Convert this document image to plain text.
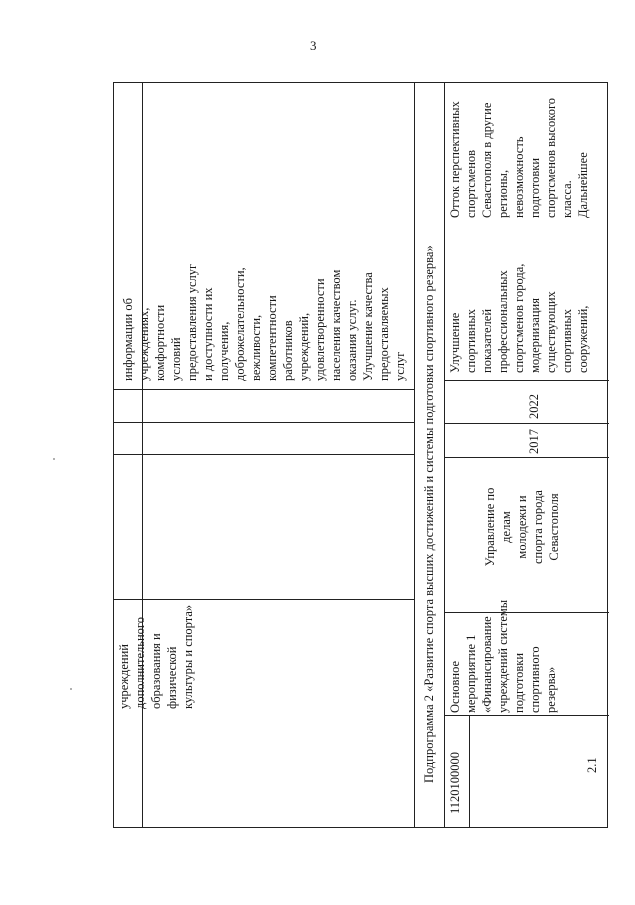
3
учреждений
дополнительного
образования и
физической
культуры и спорта»
информации об
учреждениях,
комфортности
условий
предоставления услуг
и доступности их
получения,
доброжелательности,
вежливости,
компетентности
работников
учреждений,
удовлетворенности
населения качеством
оказания услуг.
Улучшение качества
предоставляемых
услуг Подпрограмма 2 «Развитие спорта высших достижений и системы подготовки спортивного резерва»	2.1
1120100000
Основное
мероприятие 1
«Финансирование
учреждений системы
подготовки
спортивного
резерва»
Управление по
делам
молодежи и
спорта города
Севастополя
2017
2022
Улучшение
спортивных
показателей
профессиональных
спортсменов города,
модернизация
существующих
спортивных
сооружений,
Отток перспективных
спортсменов
Севастополя в другие
регионы,
невозможность
подготовки
спортсменов высокого
класса.
Дальнейшее
